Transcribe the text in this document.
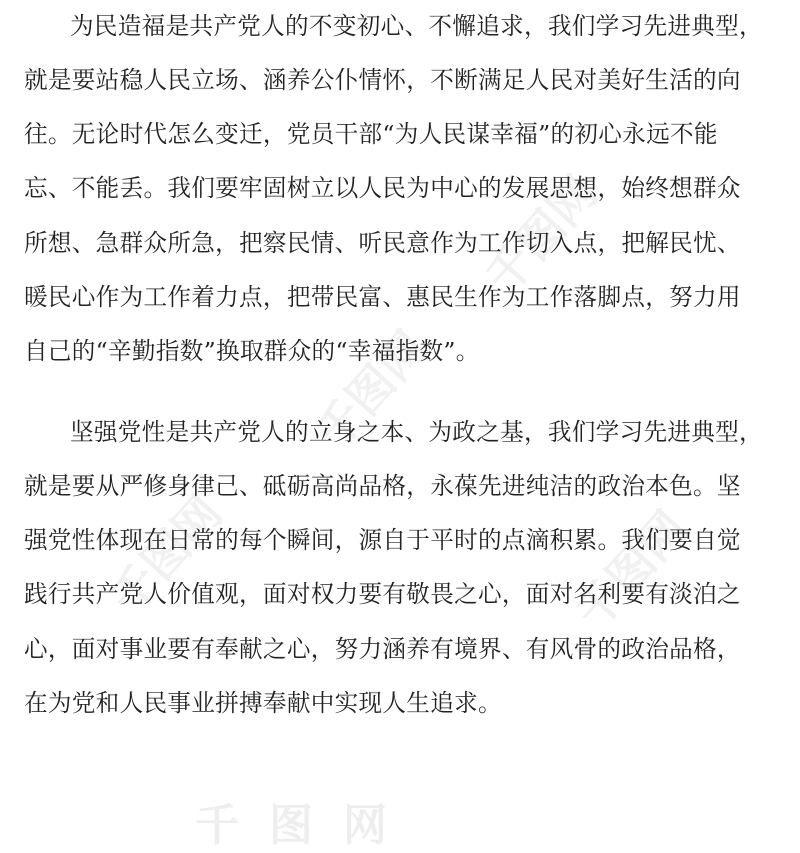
千图网
千图网
千图网	千图网
为民造福是共产党人的不变初心、不懈追求，我们学习先进典型，
就是要站稳人民立场、涵养公仆情怀，不断满足人民对美好生活的向
往。无论时代怎么变迁，党员干部“为人民谋幸福”的初心永远不能
忘、不能丢。我们要牢固树立以人民为中心的发展思想，始终想群众
所想、急群众所急，把察民情、听民意作为工作切入点，把解民忧、
暖民心作为工作着力点，把带民富、惠民生作为工作落脚点，努力用
自己的“辛勤指数”换取群众的“幸福指数”。
坚强党性是共产党人的立身之本、为政之基，我们学习先进典型，
就是要从严修身律己、砥砺高尚品格，永葆先进纯洁的政治本色。坚
强党性体现在日常的每个瞬间，源自于平时的点滴积累。我们要自觉
践行共产党人价值观，面对权力要有敬畏之心，面对名利要有淡泊之
心，面对事业要有奉献之心，努力涵养有境界、有风骨的政治品格，
在为党和人民事业拼搏奉献中实现人生追求。
千图网
